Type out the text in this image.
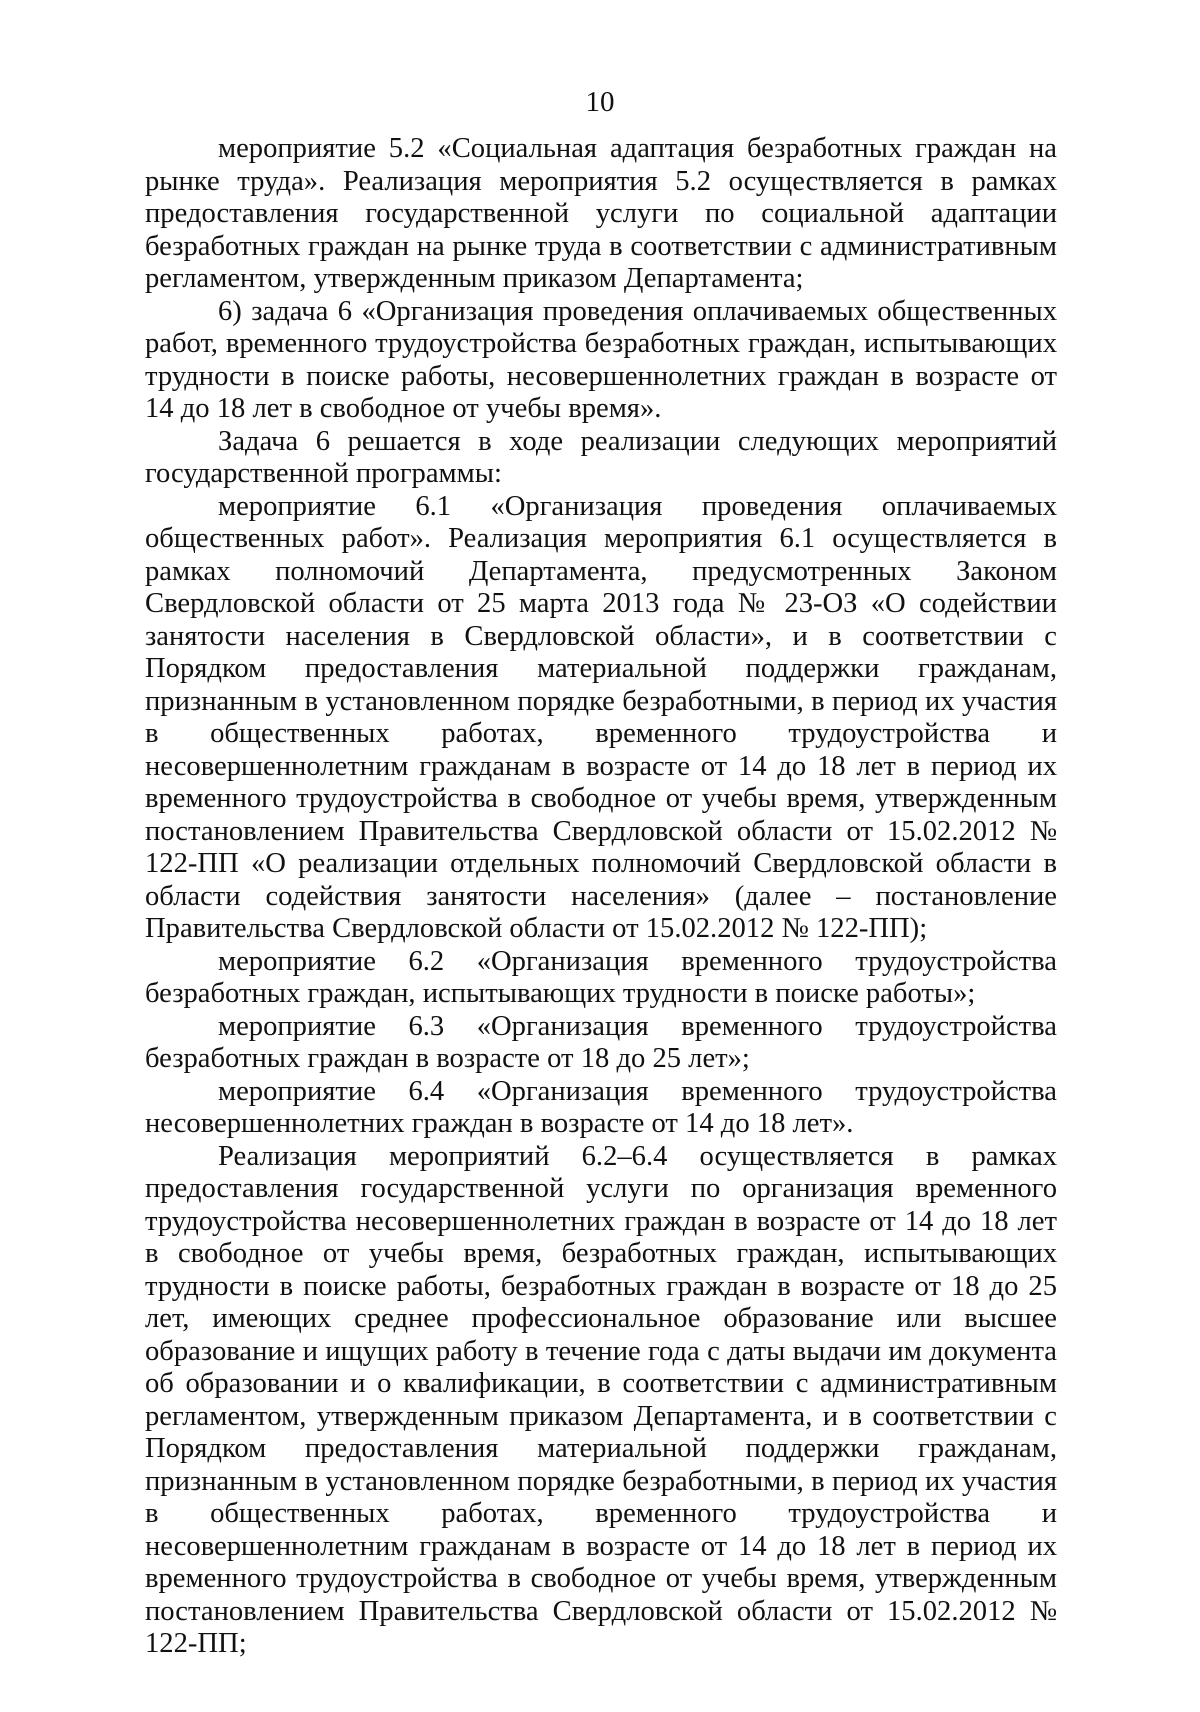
10

мероприятие 5.2 «Социальная адаптация безработных граждан на рынке труда». Реализация мероприятия 5.2 осуществляется в рамках предоставления государственной услуги по социальной адаптации безработных граждан на рынке труда в соответствии с административным регламентом, утвержденным приказом Департамента;

6) задача 6 «Организация проведения оплачиваемых общественных работ, временного трудоустройства безработных граждан, испытывающих трудности в поиске работы, несовершеннолетних граждан в возрасте от 14 до 18 лет в свободное от учебы время».

Задача 6 решается в ходе реализации следующих мероприятий государственной программы:

мероприятие 6.1 «Организация проведения оплачиваемых общественных работ». Реализация мероприятия 6.1 осуществляется в рамках полномочий Департамента, предусмотренных Законом Свердловской области от 25 марта 2013 года № 23-ОЗ «О содействии занятости населения в Свердловской области», и в соответствии с Порядком предоставления материальной поддержки гражданам, признанным в установленном порядке безработными, в период их участия в общественных работах, временного трудоустройства и несовершеннолетним гражданам в возрасте от 14 до 18 лет в период их временного трудоустройства в свободное от учебы время, утвержденным постановлением Правительства Свердловской области от 15.02.2012 № 122-ПП «О реализации отдельных полномочий Свердловской области в области содействия занятости населения» (далее – постановление Правительства Свердловской области от 15.02.2012 № 122-ПП);

мероприятие 6.2 «Организация временного трудоустройства безработных граждан, испытывающих трудности в поиске работы»;

мероприятие 6.3 «Организация временного трудоустройства безработных граждан в возрасте от 18 до 25 лет»;

мероприятие 6.4 «Организация временного трудоустройства несовершеннолетних граждан в возрасте от 14 до 18 лет».

Реализация мероприятий 6.2–6.4 осуществляется в рамках предоставления государственной услуги по организация временного трудоустройства несовершеннолетних граждан в возрасте от 14 до 18 лет в свободное от учебы время, безработных граждан, испытывающих трудности в поиске работы, безработных граждан в возрасте от 18 до 25 лет, имеющих среднее профессиональное образование или высшее образование и ищущих работу в течение года с даты выдачи им документа об образовании и о квалификации, в соответствии с административным регламентом, утвержденным приказом Департамента, и в соответствии с Порядком предоставления материальной поддержки гражданам, признанным в установленном порядке безработными, в период их участия в общественных работах, временного трудоустройства и несовершеннолетним гражданам в возрасте от 14 до 18 лет в период их временного трудоустройства в свободное от учебы время, утвержденным постановлением Правительства Свердловской области от 15.02.2012 № 122-ПП;
